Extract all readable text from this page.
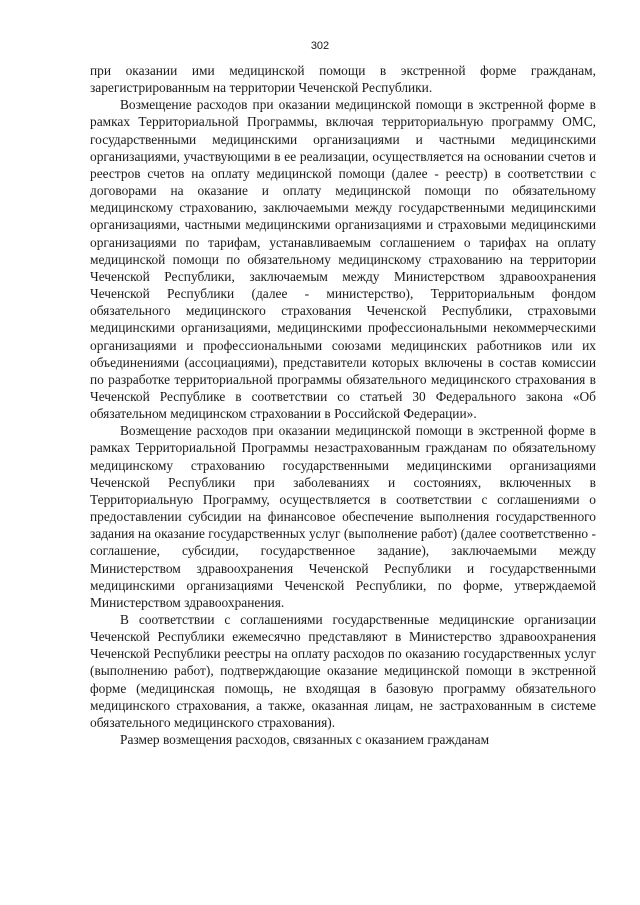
302

при оказании ими медицинской помощи в экстренной форме гражданам, зарегистрированным на территории Чеченской Республики.

Возмещение расходов при оказании медицинской помощи в экстренной форме в рамках Территориальной Программы, включая территориальную программу ОМС, государственными медицинскими организациями и частными медицинскими организациями, участвующими в ее реализации, осуществляется на основании счетов и реестров счетов на оплату медицинской помощи (далее - реестр) в соответствии с договорами на оказание и оплату медицинской помощи по обязательному медицинскому страхованию, заключаемыми между государственными медицинскими организациями, частными медицинскими организациями и страховыми медицинскими организациями по тарифам, устанавливаемым соглашением о тарифах на оплату медицинской помощи по обязательному медицинскому страхованию на территории Чеченской Республики, заключаемым между Министерством здравоохранения Чеченской Республики (далее - министерство), Территориальным фондом обязательного медицинского страхования Чеченской Республики, страховыми медицинскими организациями, медицинскими профессиональными некоммерческими организациями и профессиональными союзами медицинских работников или их объединениями (ассоциациями), представители которых включены в состав комиссии по разработке территориальной программы обязательного медицинского страхования в Чеченской Республике в соответствии со статьей 30 Федерального закона «Об обязательном медицинском страховании в Российской Федерации».

Возмещение расходов при оказании медицинской помощи в экстренной форме в рамках Территориальной Программы незастрахованным гражданам по обязательному медицинскому страхованию государственными медицинскими организациями Чеченской Республики при заболеваниях и состояниях, включенных в Территориальную Программу, осуществляется в соответствии с соглашениями о предоставлении субсидии на финансовое обеспечение выполнения государственного задания на оказание государственных услуг (выполнение работ) (далее соответственно - соглашение, субсидии, государственное задание), заключаемыми между Министерством здравоохранения Чеченской Республики и государственными медицинскими организациями Чеченской Республики, по форме, утверждаемой Министерством здравоохранения.

В соответствии с соглашениями государственные медицинские организации Чеченской Республики ежемесячно представляют в Министерство здравоохранения Чеченской Республики реестры на оплату расходов по оказанию государственных услуг (выполнению работ), подтверждающие оказание медицинской помощи в экстренной форме (медицинская помощь, не входящая в базовую программу обязательного медицинского страхования, а также, оказанная лицам, не застрахованным в системе обязательного медицинского страхования).

Размер возмещения расходов, связанных с оказанием гражданам
